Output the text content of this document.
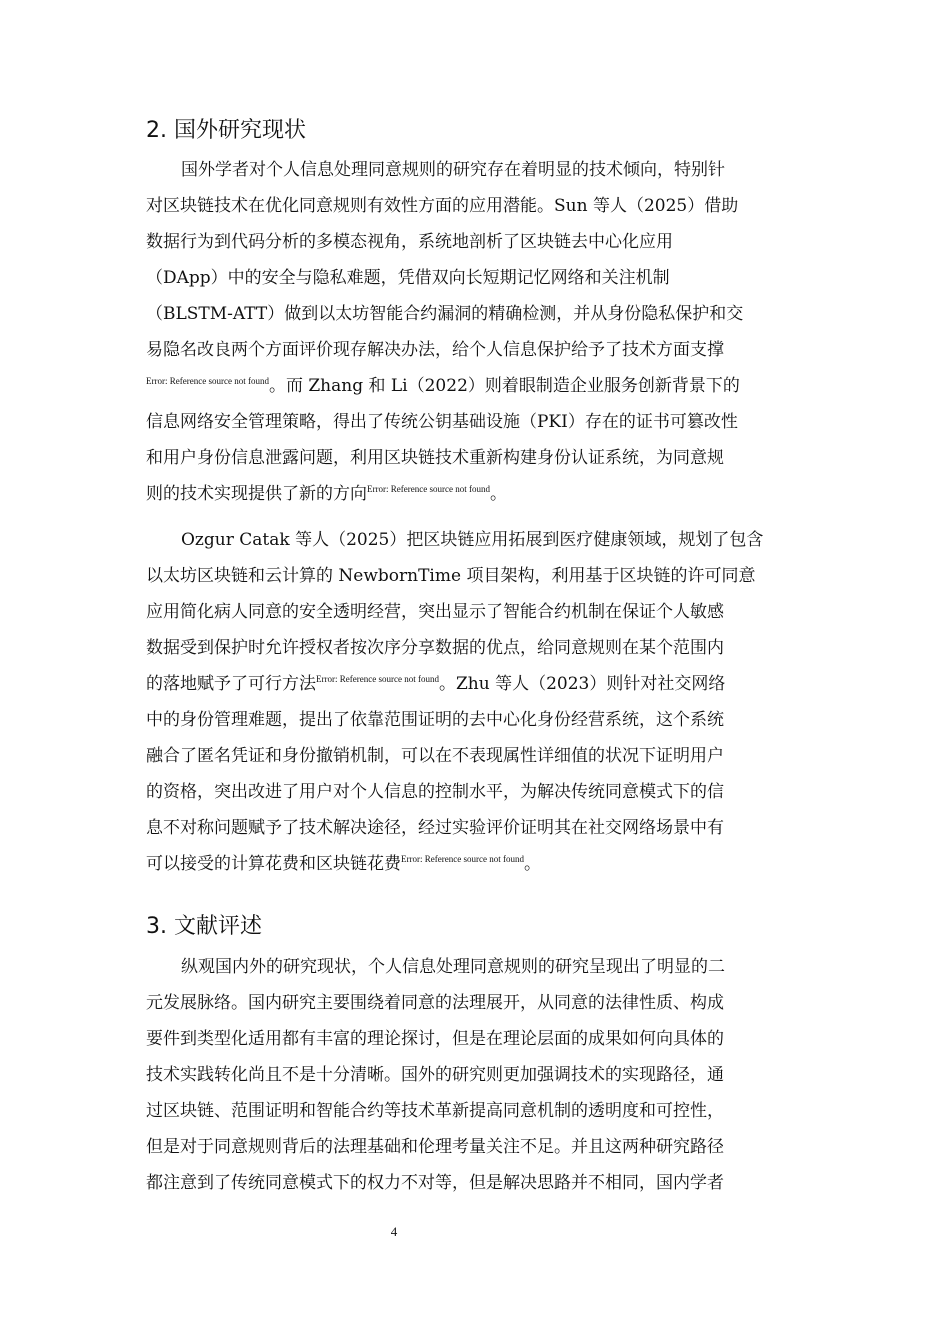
2. 国外研究现状
国外学者对个人信息处理同意规则的研究存在着明显的技术倾向，特别针
对区块链技术在优化同意规则有效性方面的应用潜能。Sun 等人（2025）借助
数据行为到代码分析的多模态视角，系统地剖析了区块链去中心化应用
（DApp）中的安全与隐私难题，凭借双向长短期记忆网络和关注机制
（BLSTM-ATT）做到以太坊智能合约漏洞的精确检测，并从身份隐私保护和交
易隐名改良两个方面评价现存解决办法，给个人信息保护给予了技术方面支撑
$^{Error: Reference source not found}$。而 Zhang 和 Li（2022）则着眼制造企业服务创新背景下的
信息网络安全管理策略，得出了传统公钥基础设施（PKI）存在的证书可篡改性
和用户身份信息泄露问题，利用区块链技术重新构建身份认证系统，为同意规
则的技术实现提供了新的方向$^{Error: Reference source not found}$。
Ozgur Catak 等人（2025）把区块链应用拓展到医疗健康领域，规划了包含
以太坊区块链和云计算的 NewbornTime 项目架构，利用基于区块链的许可同意
应用简化病人同意的安全透明经营，突出显示了智能合约机制在保证个人敏感
数据受到保护时允许授权者按次序分享数据的优点，给同意规则在某个范围内
的落地赋予了可行方法$^{Error: Reference source not found}$。Zhu 等人（2023）则针对社交网络
中的身份管理难题，提出了依靠范围证明的去中心化身份经营系统，这个系统
融合了匿名凭证和身份撤销机制，可以在不表现属性详细值的状况下证明用户
的资格，突出改进了用户对个人信息的控制水平，为解决传统同意模式下的信
息不对称问题赋予了技术解决途径，经过实验评价证明其在社交网络场景中有
可以接受的计算花费和区块链花费$^{Error: Reference source not found}$。
3. 文献评述
纵观国内外的研究现状，个人信息处理同意规则的研究呈现出了明显的二
元发展脉络。国内研究主要围绕着同意的法理展开，从同意的法律性质、构成
要件到类型化适用都有丰富的理论探讨，但是在理论层面的成果如何向具体的
技术实践转化尚且不是十分清晰。国外的研究则更加强调技术的实现路径，通
过区块链、范围证明和智能合约等技术革新提高同意机制的透明度和可控性，
但是对于同意规则背后的法理基础和伦理考量关注不足。并且这两种研究路径
都注意到了传统同意模式下的权力不对等，但是解决思路并不相同，国内学者
4
